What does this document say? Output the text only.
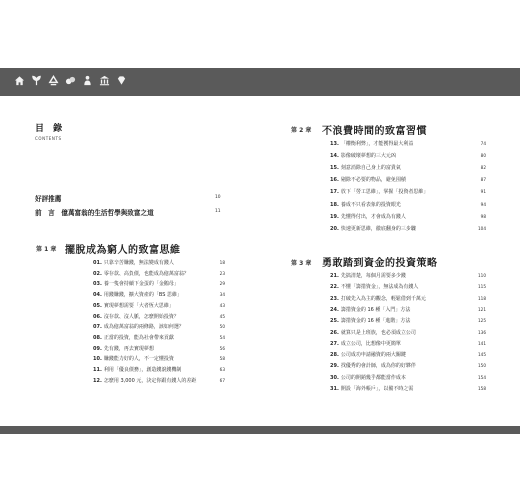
目 錄
CONTENTS
好評推薦	10
前　言　億萬富翁的生活哲學與致富之道	11
第 1 章 擺脫成為窮人的致富思維
01. 只靠辛苦賺錢，無法變成有錢人	18
02. 零存款、高負債，也能成為億萬富翁？	23
03. 養一隻會持續下金蛋的「金鵝母」	29
04. 用錢賺錢，擴大資產的「BS 思維」	34
05. 實現夢想需要「大者恆大思維」	43
06. 沒存款、沒人脈，怎麼開始投資？	45
07. 成為億萬富翁的兩條路，該如何選？	50
08. 正當的投資，能為社會帶來貢獻	54
09. 先有錢，再去實現夢想	56
10. 賺錢能力好的人，不一定懂投資	58
11. 利用「優良債務」，創造錢滾錢機制	63
12. 怎麼用 3,000 元，決定你跟有錢人的差距	67
第 2 章 不浪費時間的致富習慣
13. 「權衡利弊」，才能獲得最大利益	74
14. 影像破壞夢想的三大元凶	80
15. 刻意消除自己身上的富貴氣	82
16. 剔除不必要的物品，避免囤積	87
17. 放下「勞工思維」，掌握「投資者思維」	91
18. 養成不只看表象的投資眼光	94
19. 先懂得付出，才會成為有錢人	98
20. 快速更新思維，徹底翻身的三步驟	104
第 3 章 勇敢踏到資金的投資策略
21. 先搞清楚，每個月需要多少錢	110
22. 不懂「籌措資金」，無法成為有錢人	115
23. 打破先入為主的觀念，輕鬆借到千萬元	118
24. 籌措資金的 16 種「入門」方法	121
25. 籌措資金的 16 種「進階」方法	125
26. 就算只是上班族，也必須成立公司	136
27. 成立公司，比想像中更簡單	141
28. 公司成功申請融資的兩大關鍵	145
29. 找優秀的會計師，成為你的好夥伴	150
30. 公司的開銷幾乎都能當作成本	154
31. 開設「海外帳戶」，以備不時之需	158
